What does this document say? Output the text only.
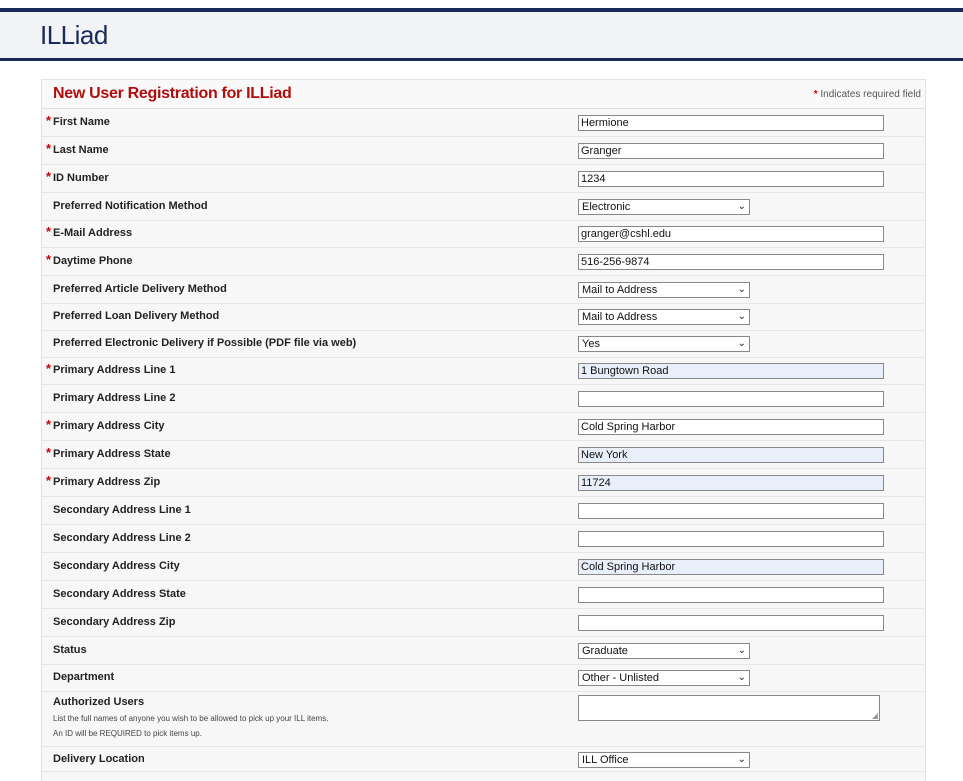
ILLiad
New User Registration for ILLiad	* Indicates required field
* First Name	Hermione
* Last Name	Granger
* ID Number	1234
Preferred Notification Method	Electronic	⌄
* E-Mail Address	granger@cshl.edu
* Daytime Phone	516-256-9874
Preferred Article Delivery Method	Mail to Address	⌄
Preferred Loan Delivery Method	Mail to Address	⌄
Preferred Electronic Delivery if Possible (PDF file via web)	Yes	⌄
* Primary Address Line 1	1 Bungtown Road
Primary Address Line 2
* Primary Address City	Cold Spring Harbor
* Primary Address State	New York
* Primary Address Zip	11724
Secondary Address Line 1
Secondary Address Line 2
Secondary Address City	Cold Spring Harbor
Secondary Address State
Secondary Address Zip
Status	Graduate	⌄
Department	Other - Unlisted	⌄
Authorized Users
◢
List the full names of anyone you wish to be allowed to pick up your ILL items.
An ID will be REQUIRED to pick items up.
Delivery Location	ILL Office	⌄
